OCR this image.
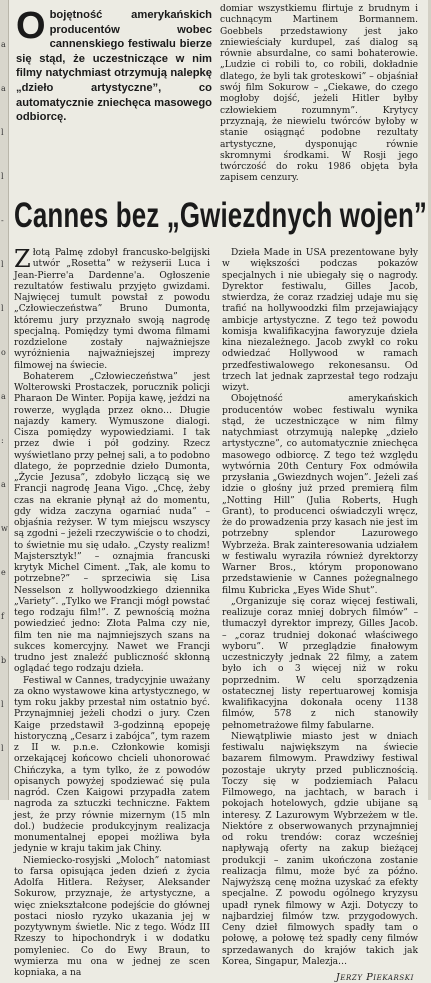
a
a
l
l
-
l
l
o
a
:
a
w
e
f
b
l
l
Obojętność amerykańskich producentów wobec cannenskiego festiwalu bierze się stąd, że uczestniczące w nim filmy natychmiast otrzymują nalepkę „dzieło artystyczne”, co automatycznie zniechęca masowego odbiorcę.

domiar wszystkiemu flirtuje z brudnym i cuchnącym Martinem Bormannem. Goebbels przedstawiony jest jako zniewieściały kurdupel, zaś dialog są równie absurdalne, co sami bohaterowie. „Ludzie ci robili to, co robili, dokładnie dlatego, że byli tak groteskowi” – objaśniał swój film Sokurow – „Ciekawe, do czego mogłoby dojść, jeżeli Hitler byłby człowiekiem rozumnym”. Krytycy przyznają, że niewielu twórców byłoby w stanie osiągnąć podobne rezultaty artystyczne, dysponując równie skromnymi środkami. W Rosji jego twórczość do roku 1986 objęta była zapisem cenzury.

Cannes bez „Gwiezdnych wojen”

Złotą Palmę zdobył francusko-belgijski utwór „Rosetta” w reżyserii Luca i Jean-Pierre'a Dardenne'a. Ogłoszenie rezultatów festiwalu przyjęto gwizdami. Najwięcej tumult powstał z powodu „Człowieczeństwa” Bruno Dumonta, któremu jury przyznało swoją nagrodę specjalną. Pomiędzy tymi dwoma filmami rozdzielone zostały najważniejsze wyróżnienia najważniejszej imprezy filmowej na świecie.

Bohaterem „Człowieczeństwa” jest Wolterowski Prostaczek, porucznik policji Pharaon De Winter. Popija kawę, jeździ na rowerze, wygląda przez okno… Długie najazdy kamery. Wymuszone dialogi. Cisza pomiędzy wypowiedziami. I tak przez dwie i pół godziny. Rzecz wyświetlano przy pełnej sali, a to podobno dlatego, że poprzednie dzieło Dumonta, „Życie Jezusa”, zdobyło liczącą się we Francji nagrodę Jeana Vigo. „Chcę, żeby czas na ekranie płynął aż do momentu, gdy widza zaczyna ogarniać nuda” – objaśnia reżyser. W tym miejscu wszyscy są zgodni – jeżeli rzeczywiście o to chodzi, to świetnie mu się udało. „Czysty realizm! Majstersztyk!” – oznajmia francuski krytyk Michel Ciment. „Tak, ale komu to potrzebne?” – sprzeciwia się Lisa Nesselson z hollywoodzkiego dziennika „Variety”. „Tylko we Francji mógł powstać tego rodzaju film!”. Z pewnością można powiedzieć jedno: Złota Palma czy nie, film ten nie ma najmniejszych szans na sukces komercyjny. Nawet we Francji trudno jest znaleźć publiczność skłonną oglądać tego rodzaju dzieła.

Festiwal w Cannes, tradycyjnie uważany za okno wystawowe kina artystycznego, w tym roku jakby przestał nim ostatnio być. Przynajmniej jeżeli chodzi o jury. Czen Kaige przedstawił 3-godzinną epopeję historyczną „Cesarz i zabójca”, tym razem z II w. p.n.e. Członkowie komisji orzekającej końcowo chcieli uhonorować Chińczyka, a tym tylko, że z powodów opisanych powyżej spodziewać się pula nagród. Czen Kaigowi przypadła zatem nagroda za sztuczki techniczne. Faktem jest, że przy równie mizernym (15 mln dol.) budżecie produkcyjnym realizacja monumentalnej epopei możliwa była jedynie w kraju takim jak Chiny.

Niemiecko-rosyjski „Moloch” natomiast to farsa opisująca jeden dzień z życia Adolfa Hitlera. Reżyser, Aleksander Sokurow, przyznaje, że artystyczne, a więc zniekształcone podejście do głównej postaci niosło ryzyko ukazania jej w pozytywnym świetle. Nic z tego. Wódz III Rzeszy to hipochondryk i w dodatku pomyleniec. Co do Ewy Braun, to wymierza mu ona w jednej ze scen kopniaka, a na

Dzieła Made in USA prezentowane były w większości podczas pokazów specjalnych i nie ubiegały się o nagrody. Dyrektor festiwalu, Gilles Jacob, stwierdza, że coraz rzadziej udaje mu się trafić na hollywoodzki film przejawiający ambicje artystyczne. Z tego też powodu komisja kwalifikacyjna faworyzuje dzieła kina niezależnego. Jacob zwykł co roku odwiedzać Hollywood w ramach przedfestiwalowego rekonesansu. Od trzech lat jednak zaprzestał tego rodzaju wizyt.

Obojętność amerykańskich producentów wobec festiwalu wynika stąd, że uczestniczące w nim filmy natychmiast otrzymują nalepkę „dzieło artystyczne”, co automatycznie zniechęca masowego odbiorcę. Z tego też względu wytwórnia 20th Century Fox odmówiła przysłania „Gwiezdnych wojen”. Jeżeli zaś idzie o głośny już przed premierą film „Notting Hill” (Julia Roberts, Hugh Grant), to producenci oświadczyli wręcz, że do prowadzenia przy kasach nie jest im potrzebny splendor Lazurowego Wybrzeża. Brak zainteresowania udziałem w festiwalu wyraziła również dyrektorzy Warner Bros., którym proponowano przedstawienie w Cannes pożegnalnego filmu Kubricka „Eyes Wide Shut”.

„Organizuje się coraz więcej festiwali, realizuje coraz mniej dobrych filmów” – tłumaczył dyrektor imprezy, Gilles Jacob. – „coraz trudniej dokonać właściwego wyboru”. W przeglądzie finałowym uczestniczyły jednak 22 filmy, a zatem było ich o 3 więcej niż w roku poprzednim. W celu sporządzenia ostatecznej listy repertuarowej komisja kwalifikacyjna dokonała oceny 1138 filmów, 578 z nich stanowiły pełnometrażowe filmy fabularne.

Niewątpliwie miasto jest w dniach festiwalu największym na świecie bazarem filmowym. Prawdziwy festiwal pozostaje ukryty przed publicznością. Toczy się w podziemiach Pałacu Filmowego, na jachtach, w barach i pokojach hotelowych, gdzie ubijane są interesy. Z Lazurowym Wybrzeżem w tle. Niektóre z obserwowanych przynajmniej od roku trendów: coraz wcześniej napływają oferty na zakup bieżącej produkcji – zanim ukończona zostanie realizacja filmu, może być za późno. Najwyższą cenę można uzyskać za efekty specjalne. Z powodu ogólnego kryzysu upadł rynek filmowy w Azji. Dotyczy to najbardziej filmów tzw. przygodowych. Ceny dzieł filmowych spadły tam o połowę, a połowę też spadły ceny filmów sprzedawanych do krajów takich jak Korea, Singapur, Malezja…

Jerzy Piekarski
